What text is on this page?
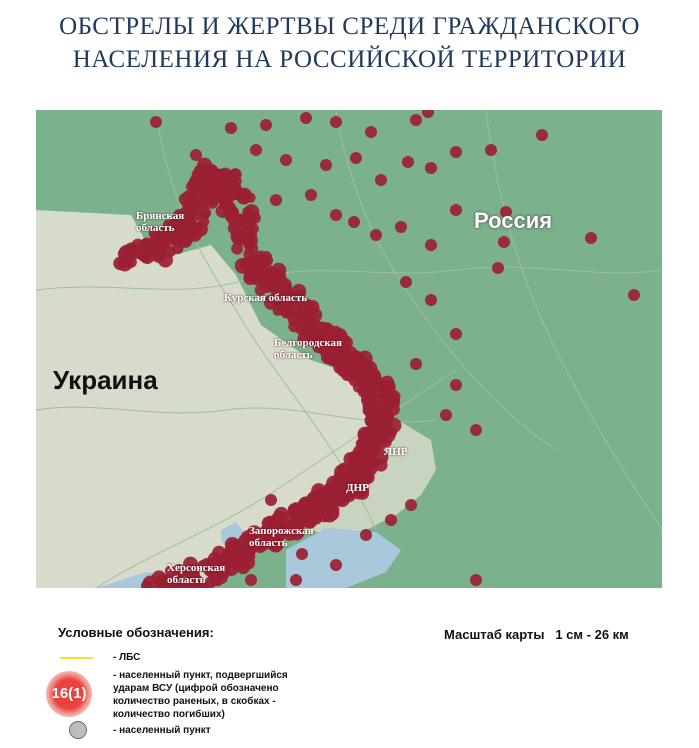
ОБСТРЕЛЫ И ЖЕРТВЫ СРЕДИ ГРАЖДАНСКОГО
НАСЕЛЕНИЯ НА РОССИЙСКОЙ ТЕРРИТОРИИ
Украина
Россия
Брянская
область
Курская область
Белгородская
область
ЛНР
ДНР
Запорожская
область
Херсонская
область
Условные обозначения:	Масштаб карты 1 см - 26 км
- ЛБС
16(1)
- населенный пункт, подвергшийся
ударам ВСУ (цифрой обозначено
количество раненых, в скобках -
количество погибших)
- населенный пункт
